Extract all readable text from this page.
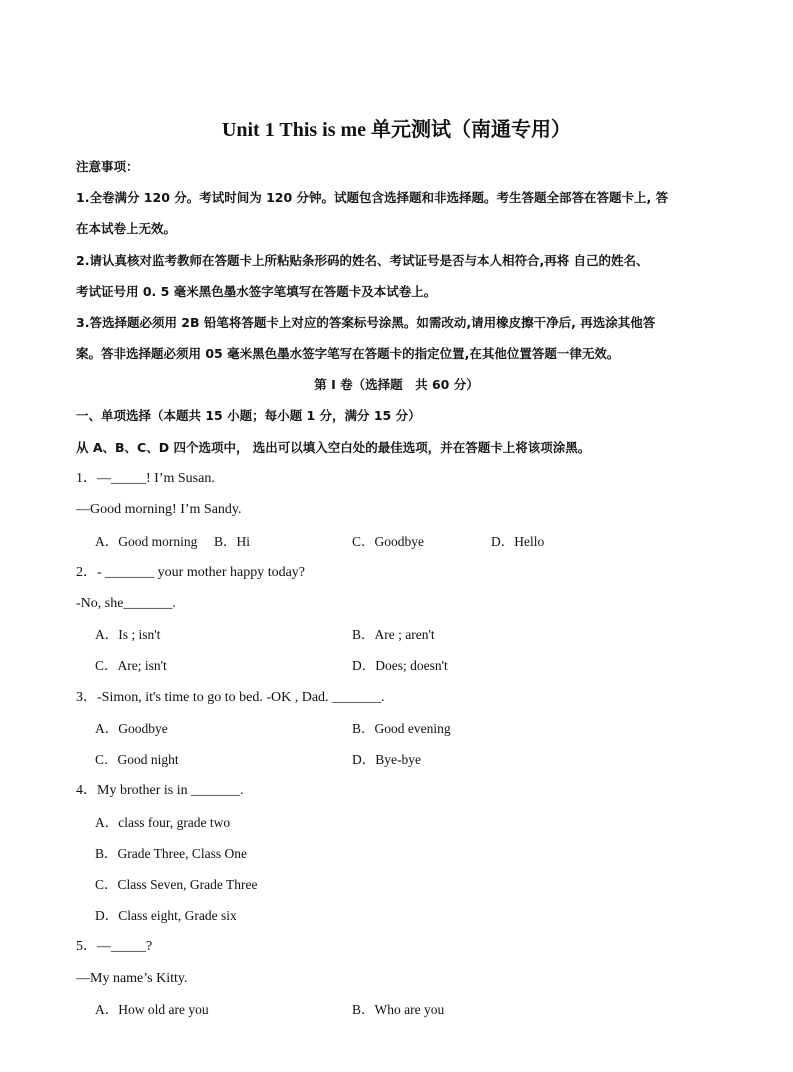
Unit 1 This is me 单元测试（南通专用）
注意事项：
1.全卷满分 120 分。考试时间为 120 分钟。试题包含选择题和非选择题。考生答题全部答在答题卡上, 答
在本试卷上无效。
2.请认真核对监考教师在答题卡上所粘贴条形码的姓名、考试证号是否与本人相符合,再将 自己的姓名、
考试证号用 0. 5 毫米黑色墨水签字笔填写在答题卡及本试卷上。
3.答选择题必须用 2B 铅笔将答题卡上对应的答案标号涂黑。如需改动,请用橡皮擦干净后, 再选涂其他答
案。答非选择题必须用 05 毫米黑色墨水签字笔写在答题卡的指定位置,在其他位置答题一律无效。
第 I 卷（选择题　共 60 分）
一、单项选择（本题共 15 小题；每小题 1 分，满分 15 分）
从 A、B、C、D 四个选项中， 选出可以填入空白处的最佳选项，并在答题卡上将该项涂黑。
1．—_____! I’m Susan.
—Good morning! I’m Sandy.
A．Good morning B．Hi	C．Goodbye	D．Hello
2．- _______ your mother happy today?
-No, she_______.
A．Is ; isn't	B．Are ; aren't
C．Are; isn't	D．Does; doesn't
3．-Simon, it's time to go to bed. -OK , Dad. _______.
A．Goodbye	B．Good evening
C．Good night	D．Bye-bye
4．My brother is in _______.
A．class four, grade two
B．Grade Three, Class One
C．Class Seven, Grade Three
D．Class eight, Grade six
5．—_____?
—My name’s Kitty.
A．How old are you	B．Who are you
